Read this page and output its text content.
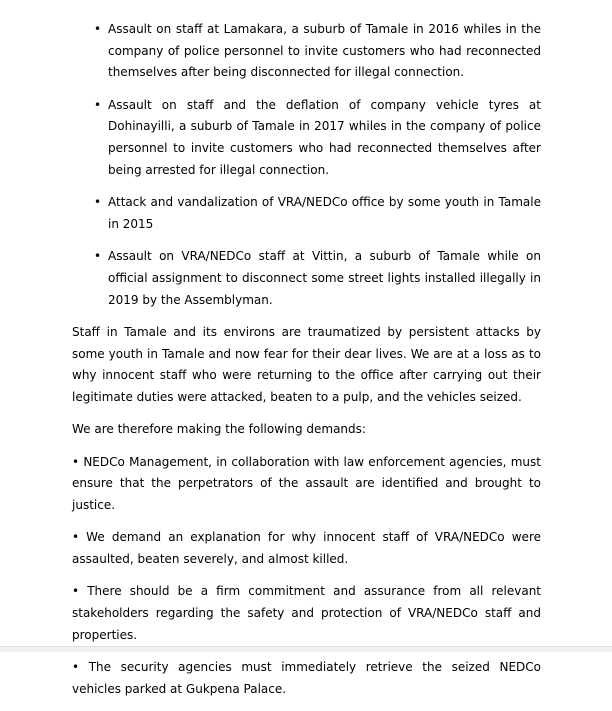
• Assault on staff at Lamakara, a suburb of Tamale in 2016 whiles in the company of police personnel to invite customers who had reconnected themselves after being disconnected for illegal connection.
• Assault on staff and the deflation of company vehicle tyres at Dohinayilli, a suburb of Tamale in 2017 whiles in the company of police personnel to invite customers who had reconnected themselves after being arrested for illegal connection.
• Attack and vandalization of VRA/NEDCo office by some youth in Tamale in 2015
• Assault on VRA/NEDCo staff at Vittin, a suburb of Tamale while on official assignment to disconnect some street lights installed illegally in 2019 by the Assemblyman.

Staff in Tamale and its environs are traumatized by persistent attacks by some youth in Tamale and now fear for their dear lives. We are at a loss as to why innocent staff who were returning to the office after carrying out their legitimate duties were attacked, beaten to a pulp, and the vehicles seized.

We are therefore making the following demands:

• NEDCo Management, in collaboration with law enforcement agencies, must ensure that the perpetrators of the assault are identified and brought to justice.

• We demand an explanation for why innocent staff of VRA/NEDCo were assaulted, beaten severely, and almost killed.

• There should be a firm commitment and assurance from all relevant stakeholders regarding the safety and protection of VRA/NEDCo staff and properties.

• The security agencies must immediately retrieve the seized NEDCo vehicles parked at Gukpena Palace.
